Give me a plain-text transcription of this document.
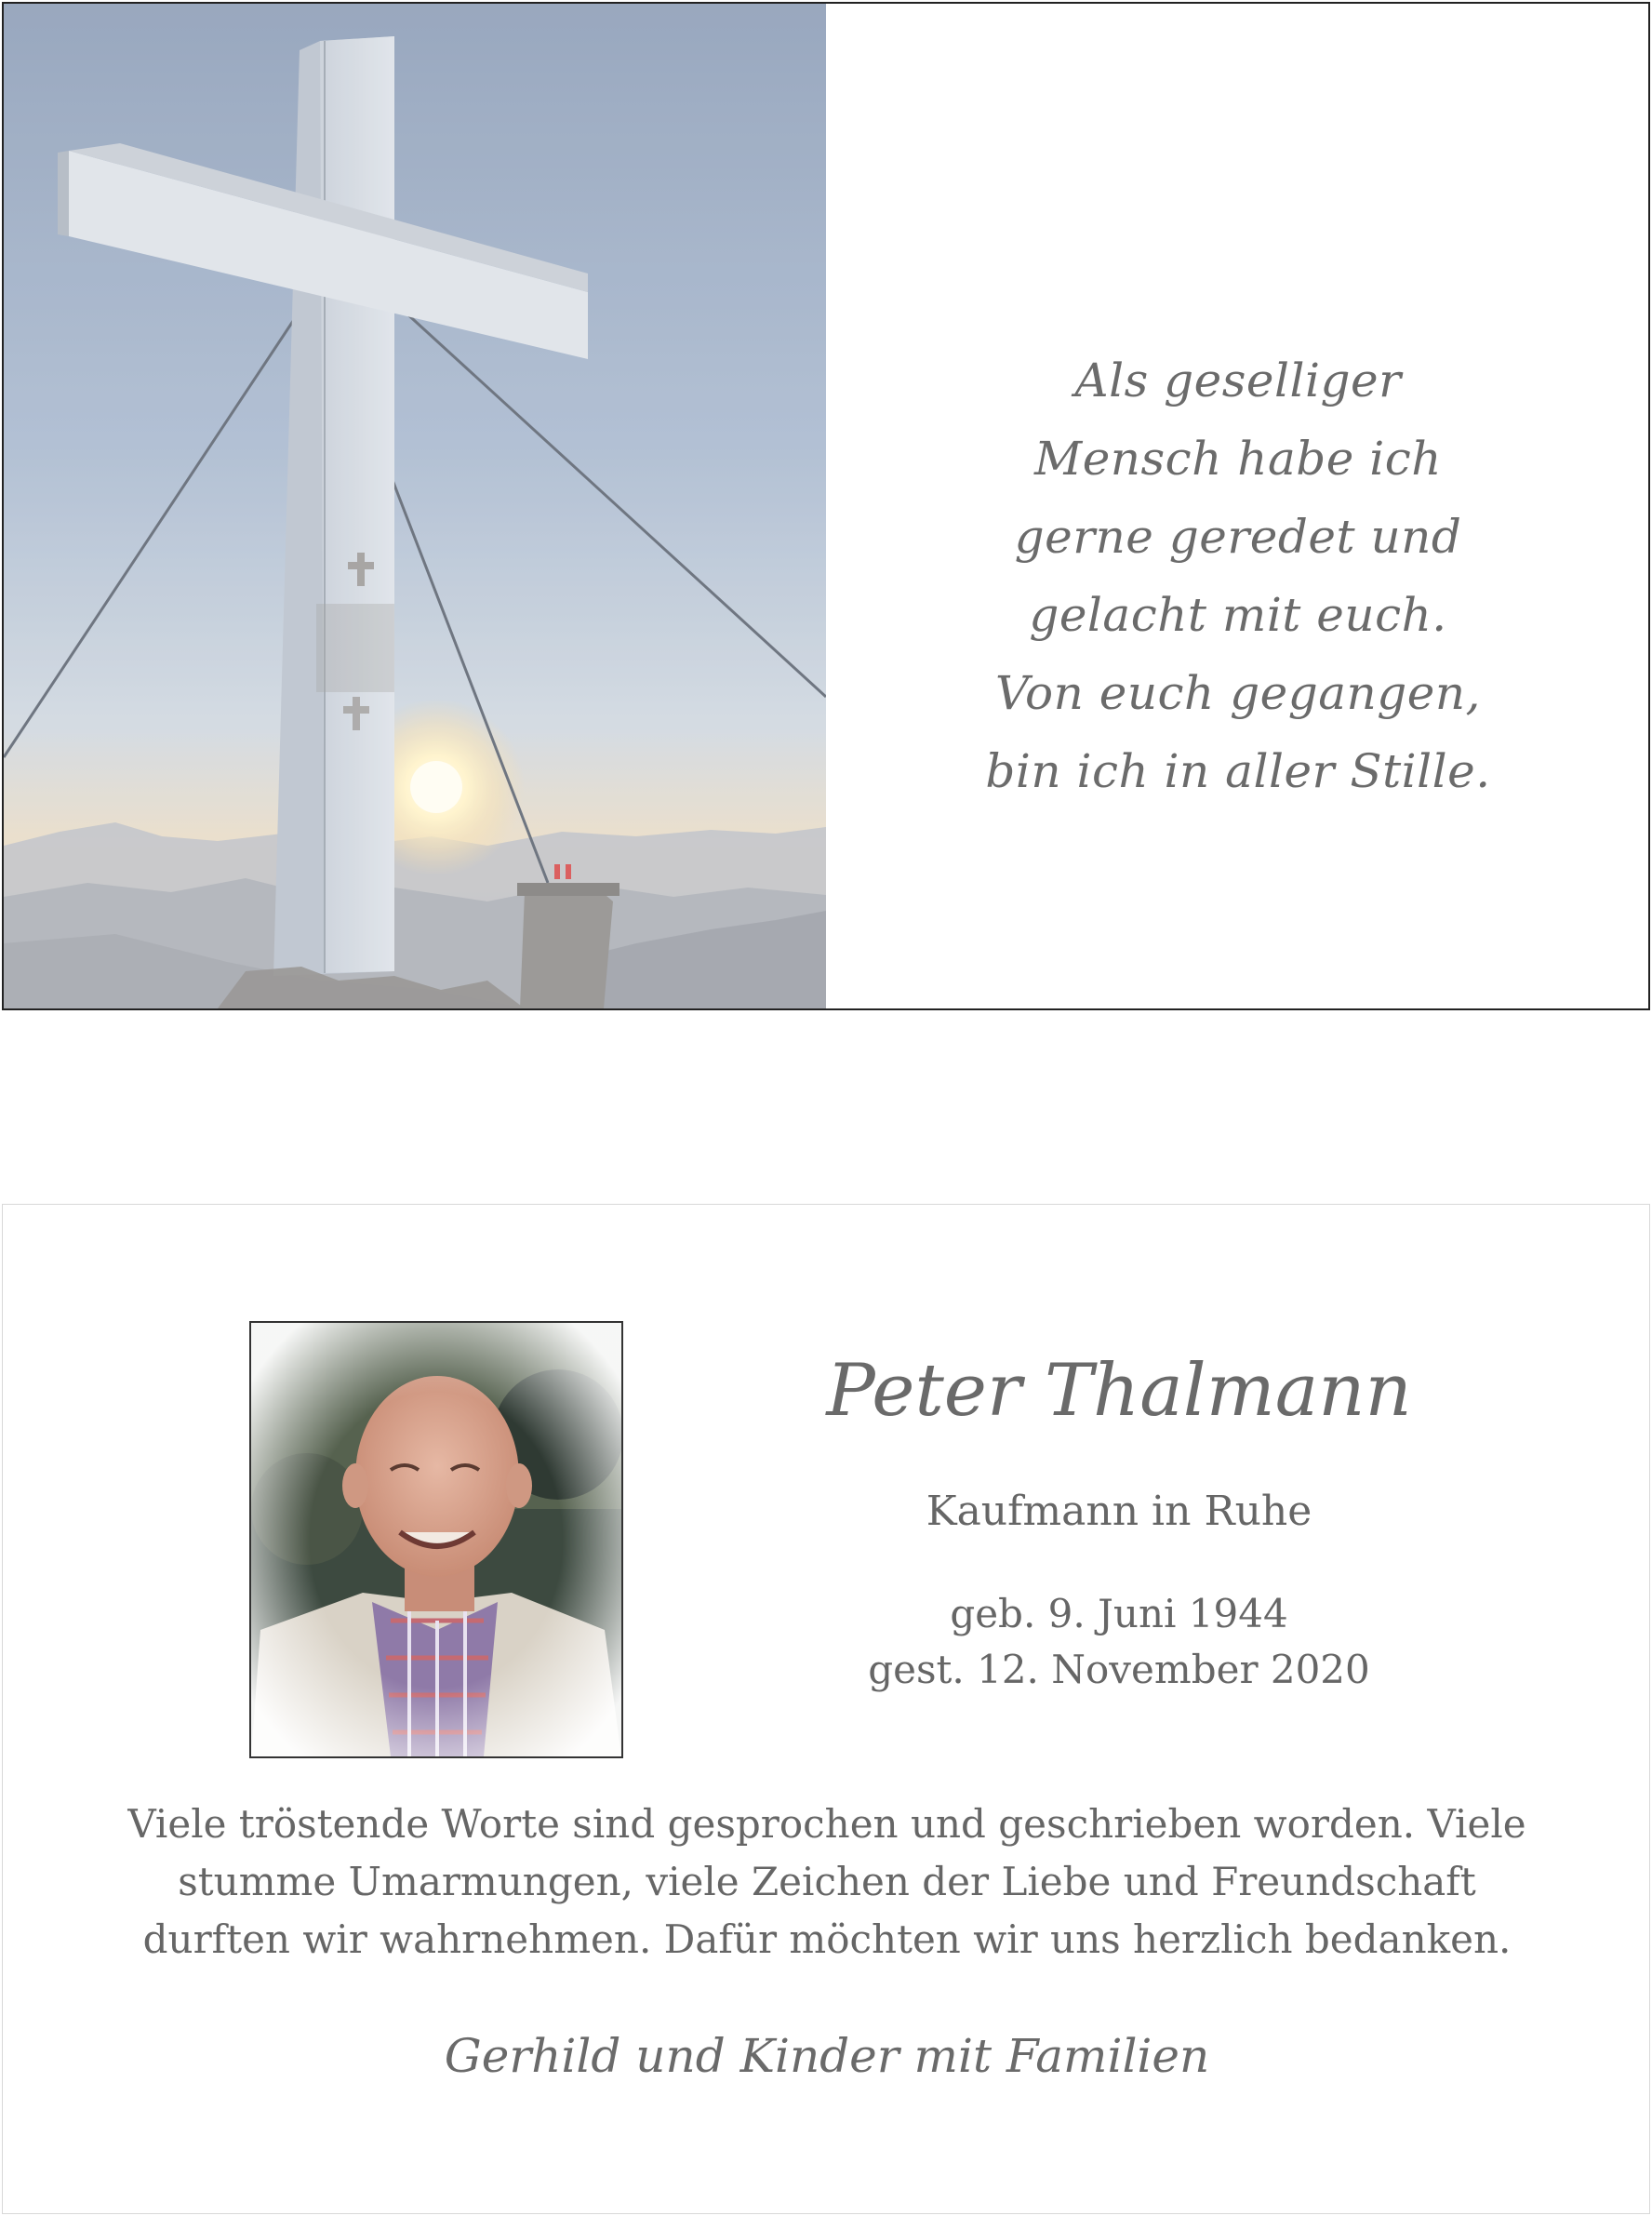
Als geselliger
Mensch habe ich
gerne geredet und
gelacht mit euch.
Von euch gegangen,
bin ich in aller Stille.
Peter Thalmann
Kaufmann in Ruhe
geb. 9. Juni 1944
gest. 12. November 2020
Viele tröstende Worte sind gesprochen und geschrieben worden. Viele
stumme Umarmungen, viele Zeichen der Liebe und Freundschaft
durften wir wahrnehmen. Dafür möchten wir uns herzlich bedanken.
Gerhild und Kinder mit Familien
